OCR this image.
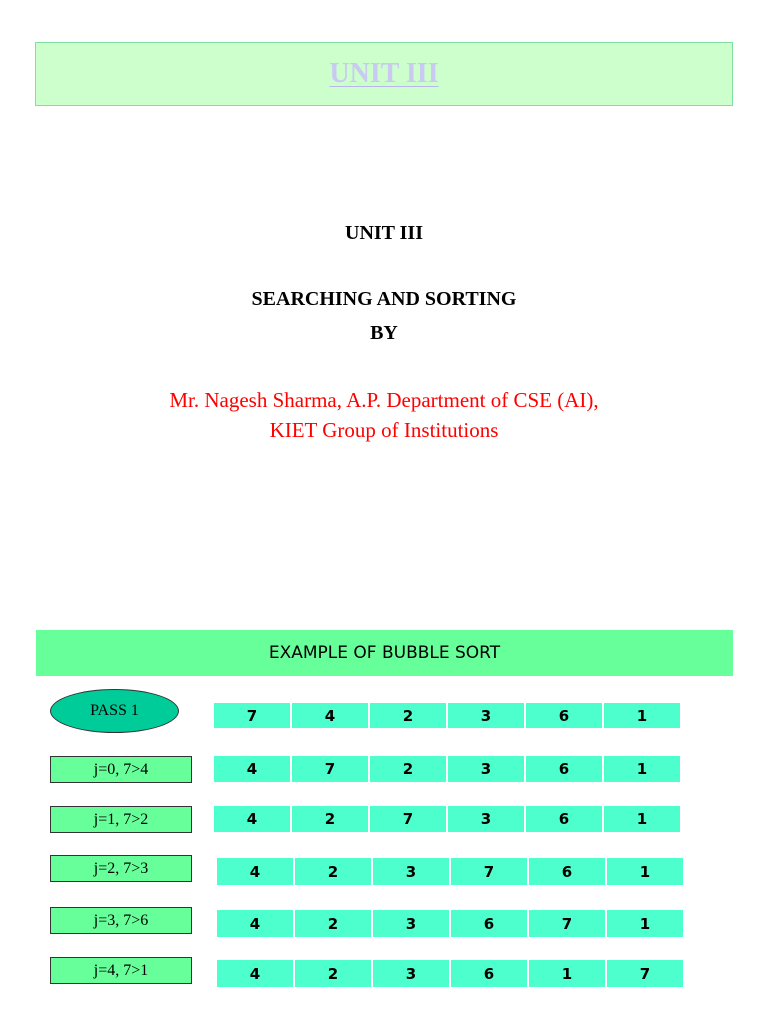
UNIT III
UNIT III
SEARCHING AND SORTING
BY
Mr. Nagesh Sharma, A.P. Department of CSE (AI),
KIET Group of Institutions
EXAMPLE OF BUBBLE SORT
PASS 1	7	4	2	3	6	1
j=0, 7>4	4	7	2	3	6	1
j=1, 7>2	4	2	7	3	6	1
j=2, 7>3	4	2	3	7	6	1
j=3, 7>6	4	2	3	6	7	1
j=4, 7>1	4	2	3	6	1	7
